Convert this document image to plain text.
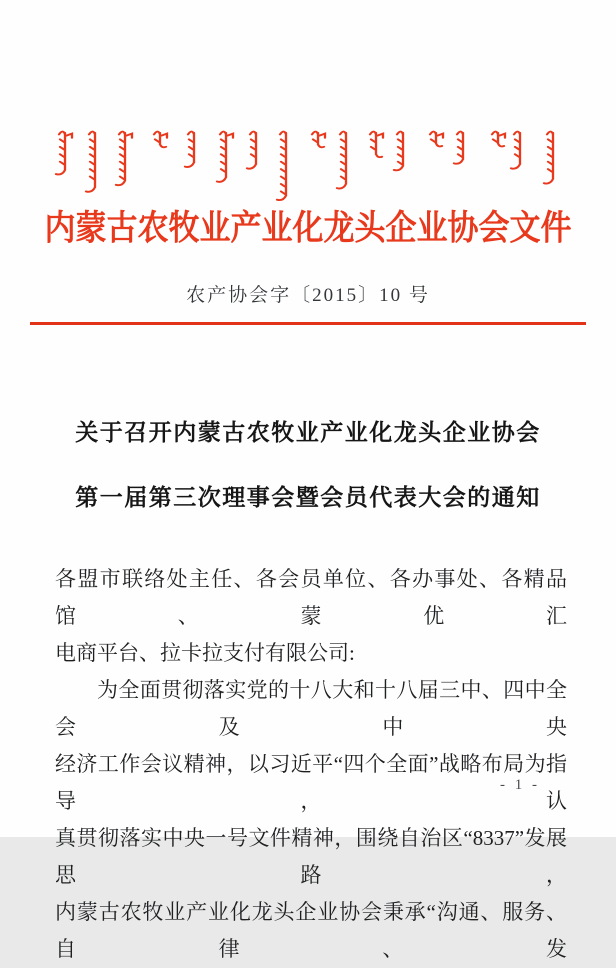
内蒙古农牧业产业化龙头企业协会文件
农产协会字〔2015〕10 号
关于召开内蒙古农牧业产业化龙头企业协会
第一届第三次理事会暨会员代表大会的通知
各盟市联络处主任、各会员单位、各办事处、各精品馆、蒙优汇
电商平台、拉卡拉支付有限公司:
为全面贯彻落实党的十八大和十八届三中、四中全会及中央
经济工作会议精神，以习近平“四个全面”战略布局为指导，认
真贯彻落实中央一号文件精神，围绕自治区“8337”发展思路，
内蒙古农牧业产业化龙头企业协会秉承“沟通、服务、自律、发
- 1 -
